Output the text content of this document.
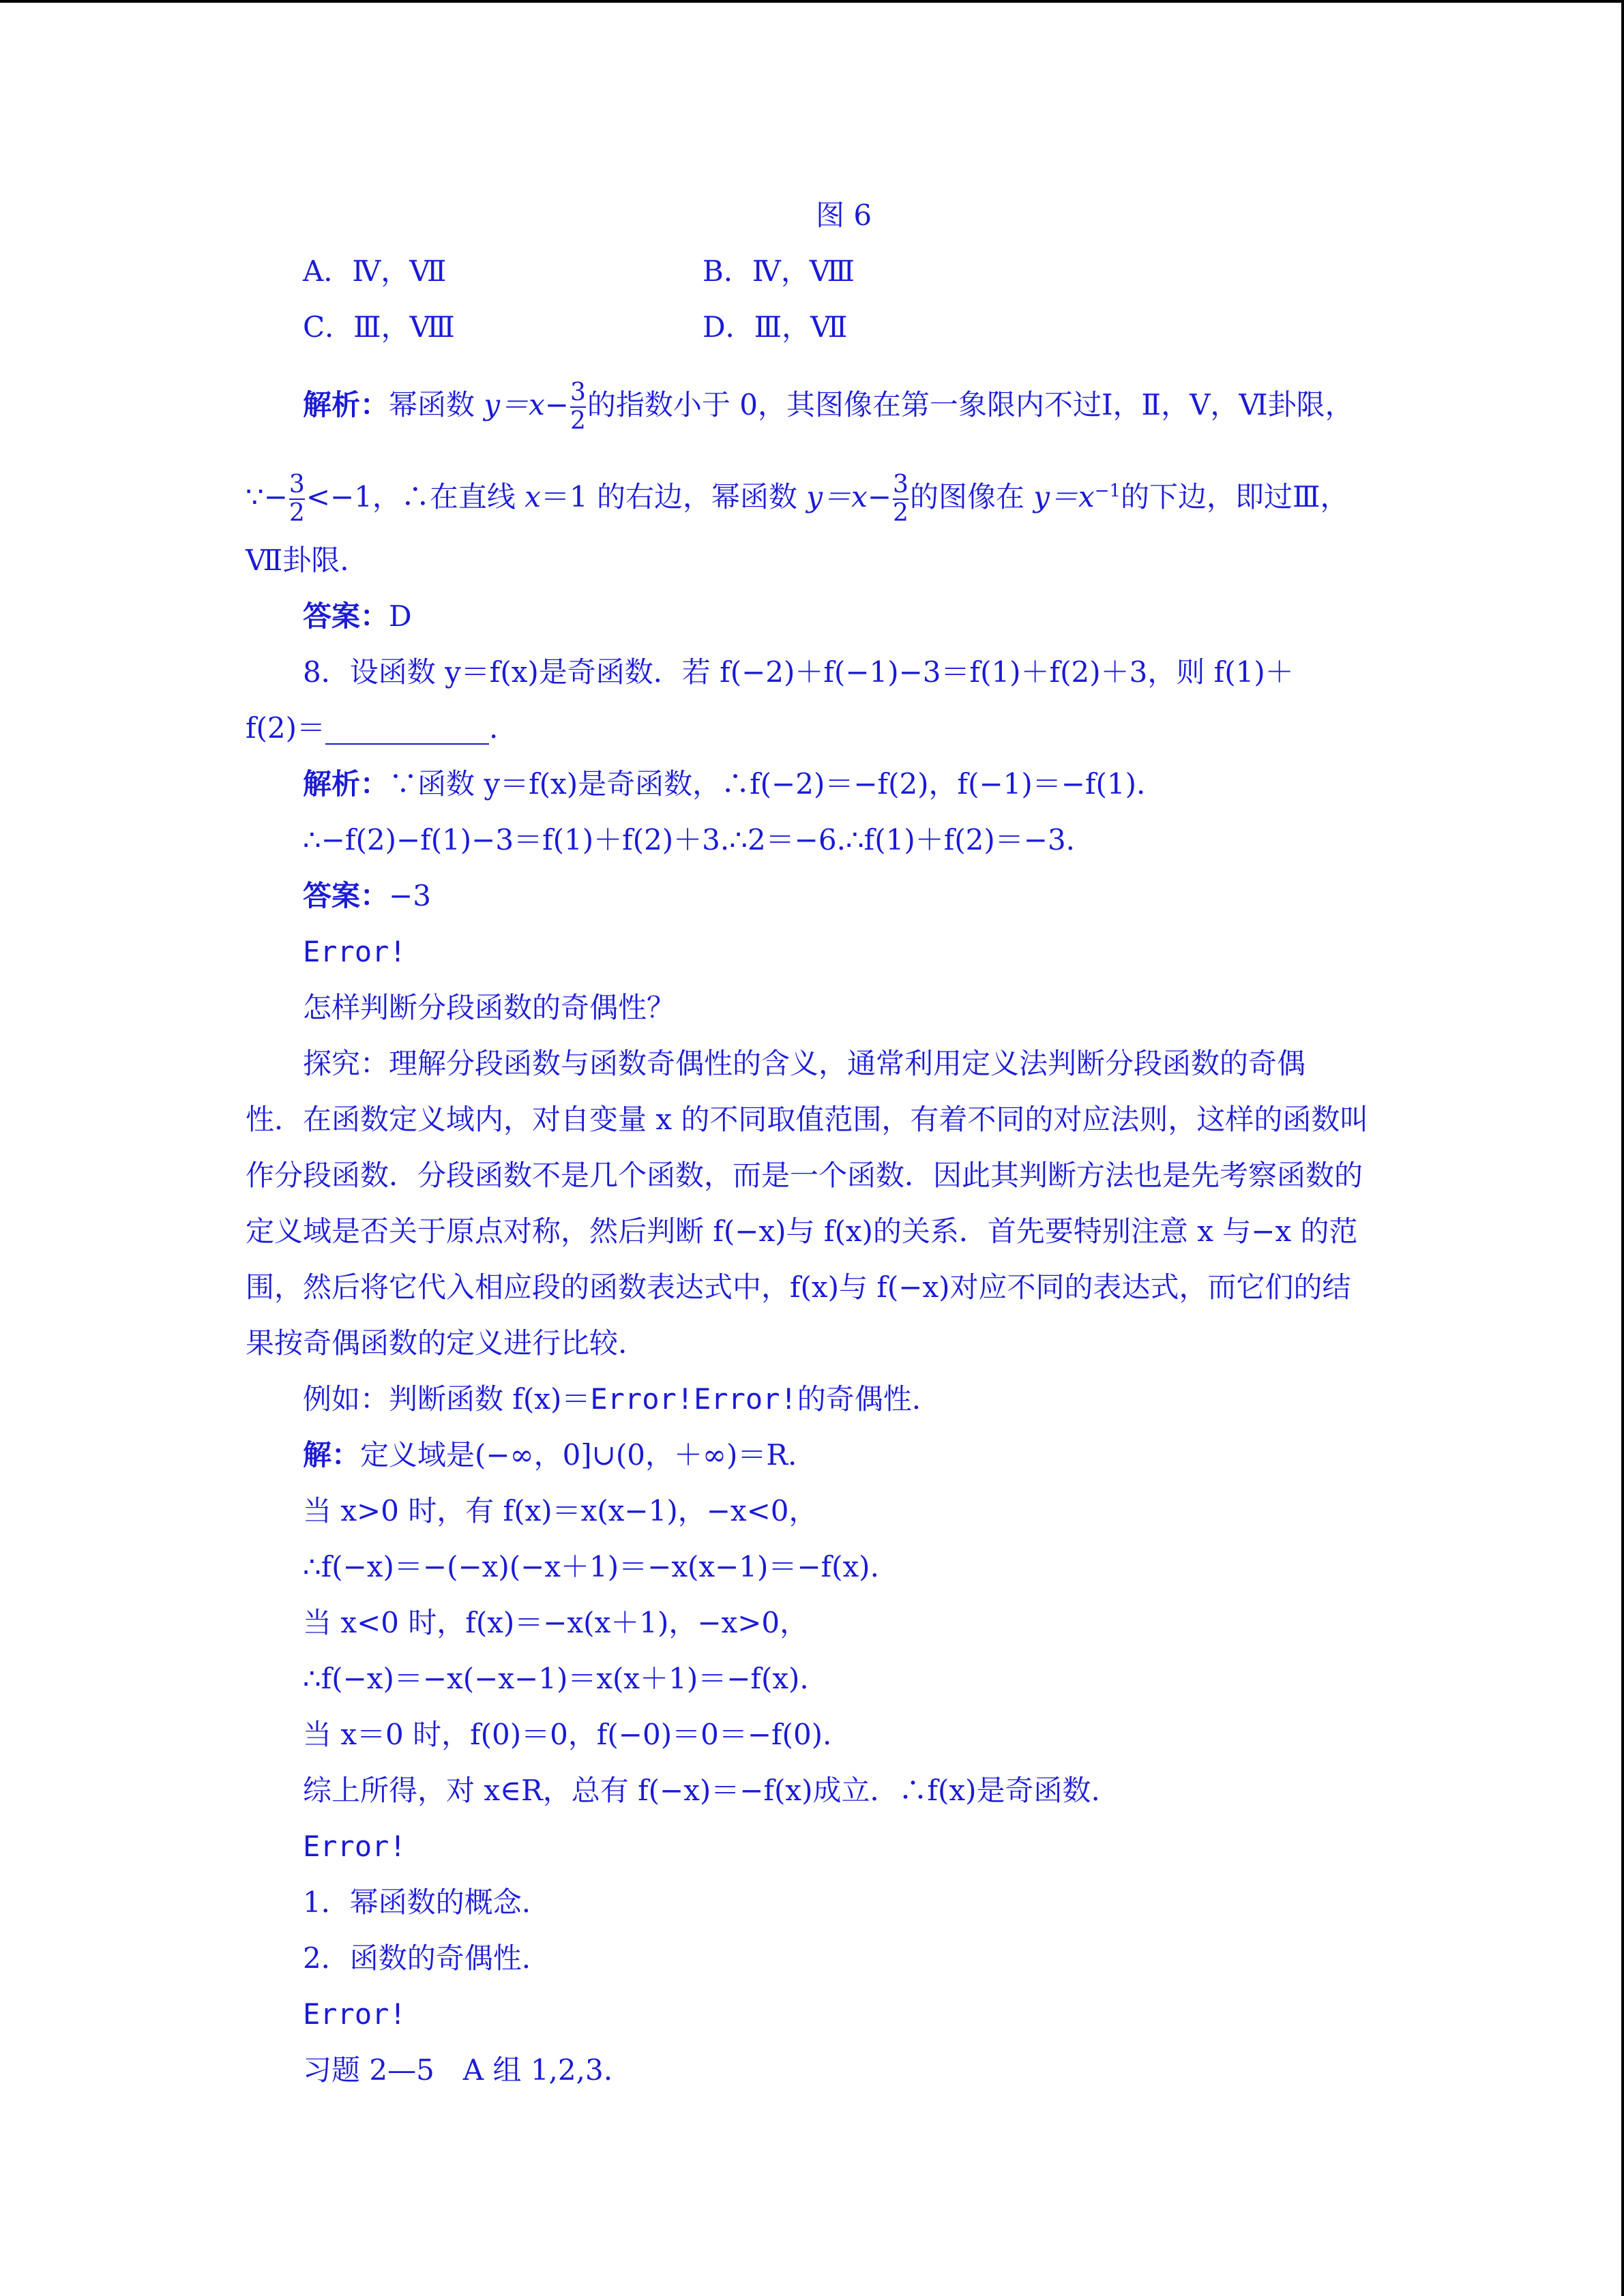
图 6
A．Ⅳ，Ⅶ	B．Ⅳ，Ⅷ
C．Ⅲ，Ⅷ	D．Ⅲ，Ⅶ
解析：幂函数 $y=x- \frac{3}{2}$ 的指数小于 0，其图像在第一象限内不过Ⅰ，Ⅱ，Ⅴ，Ⅵ卦限，
∵− $\frac{3}{2} <-1$，∴在直线 x＝1 的右边，幂函数 $y=x- \frac{3}{2}$ 的图像在 $y=x^{-1}$的下边，即过Ⅲ，
Ⅶ卦限.
答案：D
8．设函数 y＝f(x)是奇函数．若 f(−2)＋f(−1)−3＝f(1)＋f(2)＋3，则 f(1)＋
f(2)＝	.
解析：∵函数 y＝f(x)是奇函数，∴f(−2)＝−f(2)，f(−1)＝−f(1).
∴−f(2)−f(1)−3＝f(1)＋f(2)＋3.∴2＝−6.∴f(1)＋f(2)＝−3.
答案：−3
Error!
怎样判断分段函数的奇偶性？
探究：理解分段函数与函数奇偶性的含义，通常利用定义法判断分段函数的奇偶
性．在函数定义域内，对自变量 x 的不同取值范围，有着不同的对应法则，这样的函数叫
作分段函数．分段函数不是几个函数，而是一个函数．因此其判断方法也是先考察函数的
定义域是否关于原点对称，然后判断 f(−x)与 f(x)的关系．首先要特别注意 x 与−x 的范
围，然后将它代入相应段的函数表达式中，f(x)与 f(−x)对应不同的表达式，而它们的结
果按奇偶函数的定义进行比较.
例如：判断函数 f(x)＝Error!Error!的奇偶性.
解：定义域是(−∞，0]∪(0，＋∞)＝R.
当 x>0 时，有 f(x)＝x(x−1)，−x<0，
∴f(−x)＝−(−x)(−x＋1)＝−x(x−1)＝−f(x).
当 x<0 时，f(x)＝−x(x＋1)，−x>0，
∴f(−x)＝−x(−x−1)＝x(x＋1)＝−f(x).
当 x＝0 时，f(0)＝0，f(−0)＝0＝−f(0).
综上所得，对 x∈R，总有 f(−x)＝−f(x)成立．∴f(x)是奇函数.
Error!
1．幂函数的概念.
2．函数的奇偶性.
Error!
习题 2—5　A 组 1,2,3.
